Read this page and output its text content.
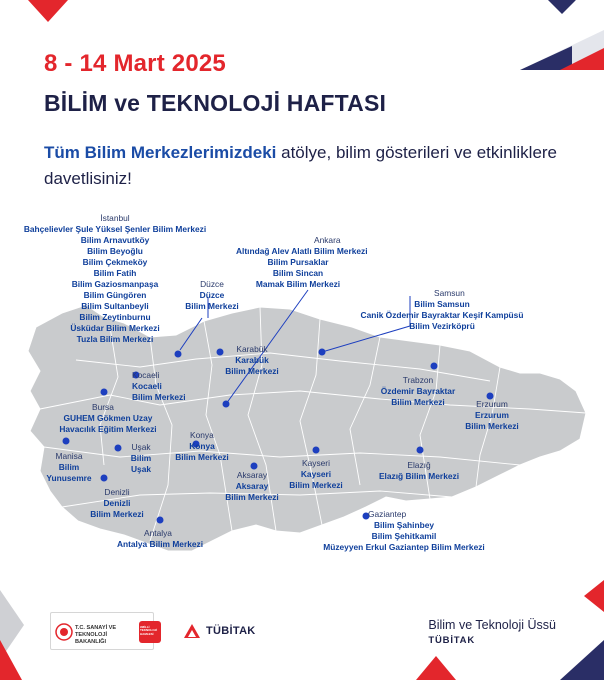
8 - 14 Mart 2025
BİLİM ve TEKNOLOJİ HAFTASI
Tüm Bilim Merkezlerimizdeki atölye, bilim gösterileri ve etkinliklere davetlisiniz!
İstanbul
Bahçelievler Şule Yüksel Şenler Bilim Merkezi
Bilim Arnavutköy
Bilim Beyoğlu
Bilim Çekmeköy
Bilim Fatih
Bilim Gaziosmanpaşa
Bilim Güngören
Bilim Sultanbeyli
Bilim Zeytinburnu
Üsküdar Bilim Merkezi
Tuzla Bilim Merkezi
Ankara
Altındağ Alev Alatlı Bilim Merkezi
Bilim Pursaklar
Bilim Sincan
Mamak Bilim Merkezi
Düzce
Düzce
Bilim Merkezi
Samsun
Bilim Samsun
Canik Özdemir Bayraktar Keşif Kampüsü
Bilim Vezirköprü
Karabük
Karabük
Bilim Merkezi
Kocaeli
Kocaeli
Bilim Merkezi
Trabzon
Özdemir Bayraktar
Bilim Merkezi
Bursa
GUHEM Gökmen Uzay
Havacılık Eğitim Merkezi
Erzurum
Erzurum
Bilim Merkezi
Konya
Konya
Bilim Merkezi
Manisa
Bilim
Yunusemre
Uşak
Bilim
Uşak
Kayseri
Kayseri
Bilim Merkezi
Elazığ
Elazığ Bilim Merkezi
Aksaray
Aksaray
Bilim Merkezi
Denizli
Denizli
Bilim Merkezi	Gaziantep
Bilim Şahinbey
Bilim Şehitkamil
Müzeyyen Erkul Gaziantep Bilim Merkezi
Antalya
Antalya Bilim Merkezi
T.C. SANAYİ VE TEKNOLOJİ BAKANLIĞI
#MİLLİ TEKNOLOJİ HAMLESİ	TÜBİTAK	Bilim ve Teknoloji Üssü
TÜBİTAK
